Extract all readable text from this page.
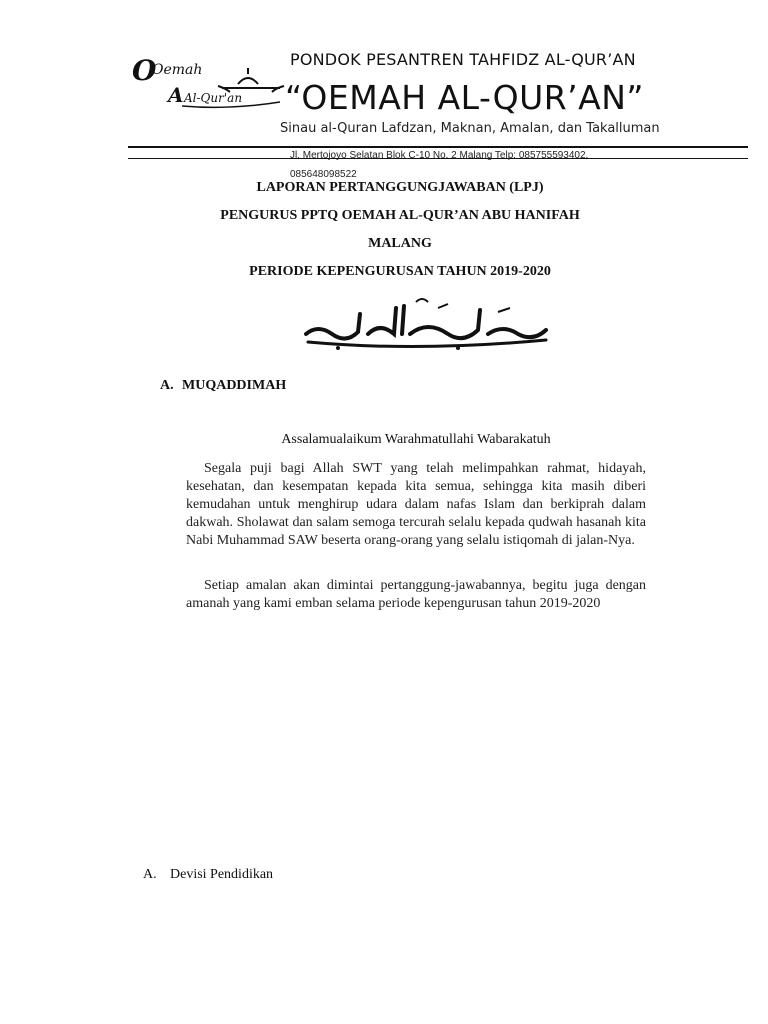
O
Oemah
A Al-Qur'an
PONDOK PESANTREN TAHFIDZ AL-QUR’AN
“OEMAH AL-QUR’AN”
Sinau al-Quran Lafdzan, Maknan, Amalan, dan Takalluman
Jl. Mertojoyo Selatan Blok C-10 No. 2 Malang Telp: 085755593402, 085648098522
LAPORAN PERTANGGUNGJAWABAN (LPJ)
PENGURUS PPTQ OEMAH AL-QUR’AN ABU HANIFAH
MALANG
PERIODE KEPENGURUSAN TAHUN 2019-2020
A. MUQADDIMAH
Assalamualaikum Warahmatullahi Wabarakatuh
Segala puji bagi Allah SWT yang telah melimpahkan rahmat, hidayah, kesehatan, dan kesempatan kepada kita semua, sehingga kita masih diberi kemudahan untuk menghirup udara dalam nafas Islam dan berkiprah dalam dakwah. Sholawat dan salam semoga tercurah selalu kepada qudwah hasanah kita Nabi Muhammad SAW beserta orang-orang yang selalu istiqomah di jalan-Nya.
Setiap amalan akan dimintai pertanggung-jawabannya, begitu juga dengan amanah yang kami emban selama periode kepengurusan tahun 2019-2020
A. Devisi Pendidikan
